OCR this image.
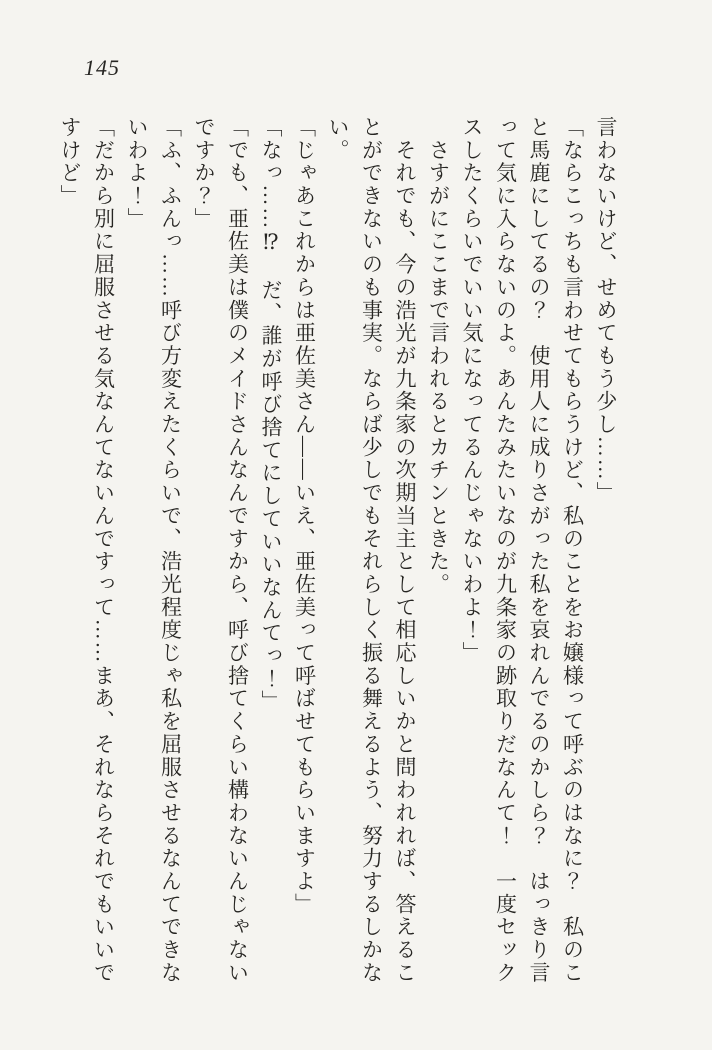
145

言わないけど、せめてもう少し……」

「ならこっちも言わせてもらうけど、私のことをお嬢様って呼ぶのはなに？　私のこ

と馬鹿にしてるの？　使用人に成りさがった私を哀れんでるのかしら？　はっきり言

って気に入らないのよ。あんたみたいなのが九条家の跡取りだなんて！　一度セック

スしたくらいでいい気になってるんじゃないわよ！」

　さすがにここまで言われるとカチンときた。

　それでも、今の浩光が九条家の次期当主として相応しいかと問われれば、答えるこ

とができないのも事実。ならば少しでもそれらしく振る舞えるよう、努力するしかな

い。

「じゃあこれからは亜佐美さん――いえ、亜佐美って呼ばせてもらいますよ」

「なっ……⁉　だ、誰が呼び捨てにしていいなんてっ！」

「でも、亜佐美は僕のメイドさんなんですから、呼び捨てくらい構わないんじゃない

ですか？」

「ふ、ふんっ……呼び方変えたくらいで、浩光程度じゃ私を屈服させるなんてできな

いわよ！」

「だから別に屈服させる気なんてないんですって……まあ、それならそれでもいいで

すけど」
